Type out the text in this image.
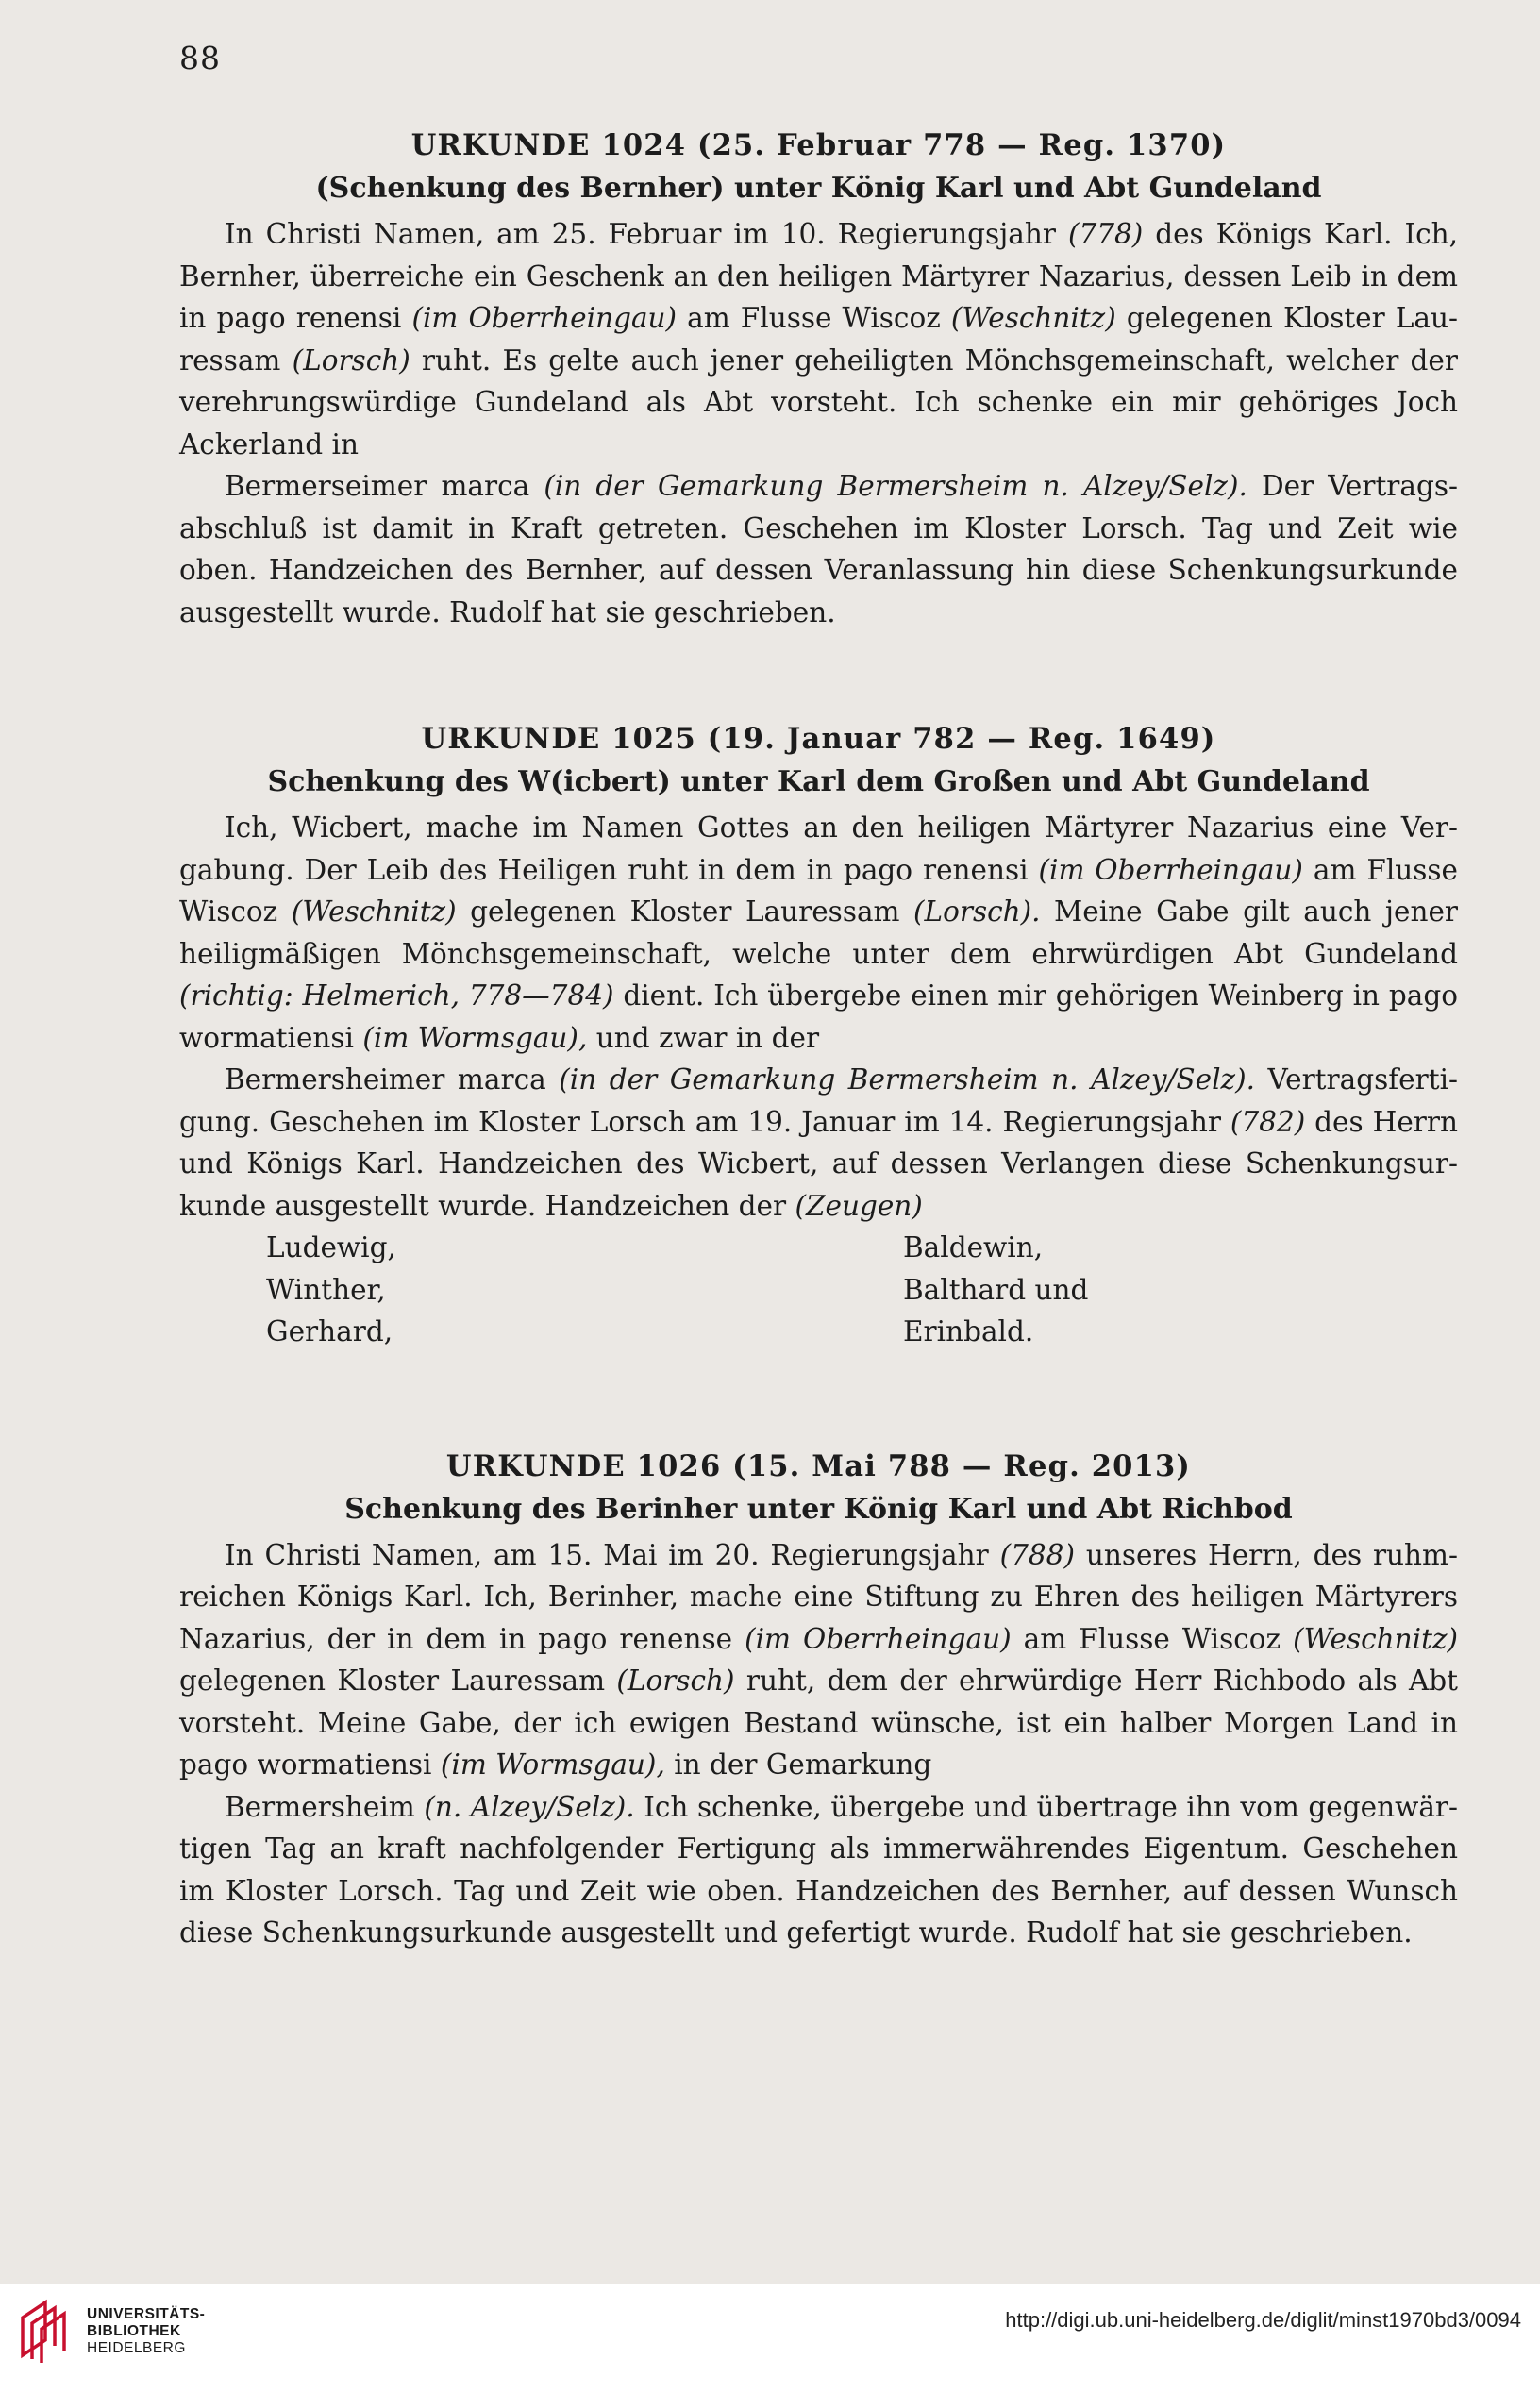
88
URKUNDE 1024 (25. Februar 778 — Reg. 1370)
(Schenkung des Bernher) unter König Karl und Abt Gundeland

In Christi Namen, am 25. Februar im 10. Regierungsjahr (778) des Königs Karl. Ich, Bernher, überreiche ein Geschenk an den heiligen Märtyrer Nazarius, dessen Leib in dem in pago renensi (im Oberrheingau) am Flusse Wiscoz (Weschnitz) gelegenen Kloster Lauressam (Lorsch) ruht. Es gelte auch jener geheiligten Mönchsgemeinschaft, welcher der verehrungswürdige Gundeland als Abt vorsteht. Ich schenke ein mir gehöriges Joch Ackerland in

Bermerseimer marca (in der Gemarkung Bermersheim n. Alzey/Selz). Der Vertragsabschluß ist damit in Kraft getreten. Geschehen im Kloster Lorsch. Tag und Zeit wie oben. Handzeichen des Bernher, auf dessen Veranlassung hin diese Schenkungsurkunde ausgestellt wurde. Rudolf hat sie geschrieben.

URKUNDE 1025 (19. Januar 782 — Reg. 1649)
Schenkung des W(icbert) unter Karl dem Großen und Abt Gundeland

Ich, Wicbert, mache im Namen Gottes an den heiligen Märtyrer Nazarius eine Vergabung. Der Leib des Heiligen ruht in dem in pago renensi (im Oberrheingau) am Flusse Wiscoz (Weschnitz) gelegenen Kloster Lauressam (Lorsch). Meine Gabe gilt auch jener heiligmäßigen Mönchsgemeinschaft, welche unter dem ehrwürdigen Abt Gundeland (richtig: Helmerich, 778—784) dient. Ich übergebe einen mir gehörigen Weinberg in pago wormatiensi (im Wormsgau), und zwar in der

Bermersheimer marca (in der Gemarkung Bermersheim n. Alzey/Selz). Vertragsfertigung. Geschehen im Kloster Lorsch am 19. Januar im 14. Regierungsjahr (782) des Herrn und Königs Karl. Handzeichen des Wicbert, auf dessen Verlangen diese Schenkungsurkunde ausgestellt wurde. Handzeichen der (Zeugen)

Ludewig,	Baldewin,
Winther,	Balthard und
Gerhard,	Erinbald.
URKUNDE 1026 (15. Mai 788 — Reg. 2013)
Schenkung des Berinher unter König Karl und Abt Richbod

In Christi Namen, am 15. Mai im 20. Regierungsjahr (788) unseres Herrn, des ruhmreichen Königs Karl. Ich, Berinher, mache eine Stiftung zu Ehren des heiligen Märtyrers Nazarius, der in dem in pago renense (im Oberrheingau) am Flusse Wiscoz (Weschnitz) gelegenen Kloster Lauressam (Lorsch) ruht, dem der ehrwürdige Herr Richbodo als Abt vorsteht. Meine Gabe, der ich ewigen Bestand wünsche, ist ein halber Morgen Land in pago wormatiensi (im Wormsgau), in der Gemarkung

Bermersheim (n. Alzey/Selz). Ich schenke, übergebe und übertrage ihn vom gegenwärtigen Tag an kraft nachfolgender Fertigung als immerwährendes Eigentum. Geschehen im Kloster Lorsch. Tag und Zeit wie oben. Handzeichen des Bernher, auf dessen Wunsch diese Schenkungsurkunde ausgestellt und gefertigt wurde. Rudolf hat sie geschrieben.

UNIVERSITÄTS-
BIBLIOTHEK
HEIDELBERG
http://digi.ub.uni-heidelberg.de/diglit/minst1970bd3/0094
